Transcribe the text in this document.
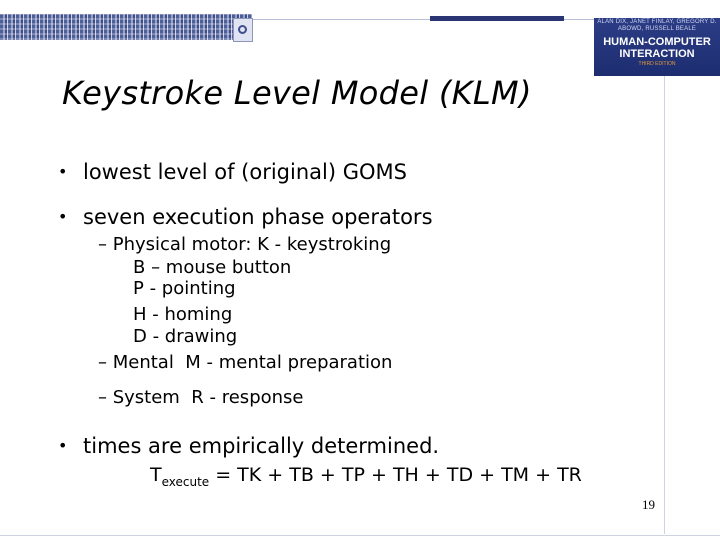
ALAN DIX, JANET FINLAY, GREGORY D. ABOWD, RUSSELL BEALE
HUMAN-COMPUTER
INTERACTION
THIRD EDITION
Keystroke Level Model (KLM)
• lowest level of (original) GOMS
• seven execution phase operators
– Physical motor: K - keystroking
B – mouse button
P - pointing
H - homing
D - drawing
– Mental  M - mental preparation
– System  R - response
• times are empirically determined.
$T_{execute}$ = TK + TB + TP + TH + TD + TM + TR
19
